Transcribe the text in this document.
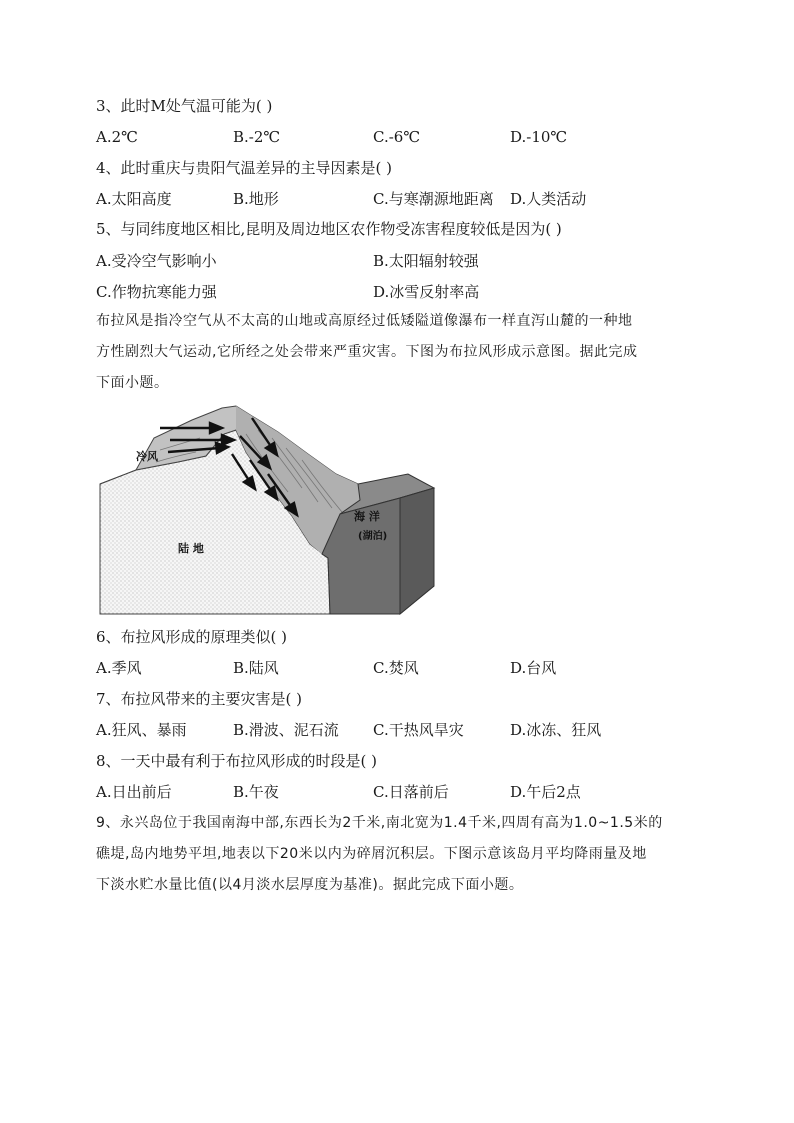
3、此时M处气温可能为( )
A.2℃	B.-2℃	C.-6℃	D.-10℃
4、此时重庆与贵阳气温差异的主导因素是( )
A.太阳高度	B.地形	C.与寒潮源地距离 D.人类活动
5、与同纬度地区相比,昆明及周边地区农作物受冻害程度较低是因为( )
A.受冷空气影响小	B.太阳辐射较强
C.作物抗寒能力强	D.冰雪反射率高
布拉风是指冷空气从不太高的山地或高原经过低矮隘道像瀑布一样直泻山麓的一种地
方性剧烈大气运动,它所经之处会带来严重灾害。下图为布拉风形成示意图。据此完成
下面小题。
冷风
陆 地
海 洋
(湖泊)
6、布拉风形成的原理类似( )
A.季风	B.陆风	C.焚风	D.台风
7、布拉风带来的主要灾害是( )
A.狂风、暴雨	B.滑波、泥石流 C.干热风旱灾	D.冰冻、狂风
8、一天中最有利于布拉风形成的时段是( )
A.日出前后	B.午夜	C.日落前后	D.午后2点
9、永兴岛位于我国南海中部,东西长为2千米,南北宽为1.4千米,四周有高为1.0~1.5米的
礁堤,岛内地势平坦,地表以下20米以内为碎屑沉积层。下图示意该岛月平均降雨量及地
下淡水贮水量比值(以4月淡水层厚度为基准)。据此完成下面小题。
